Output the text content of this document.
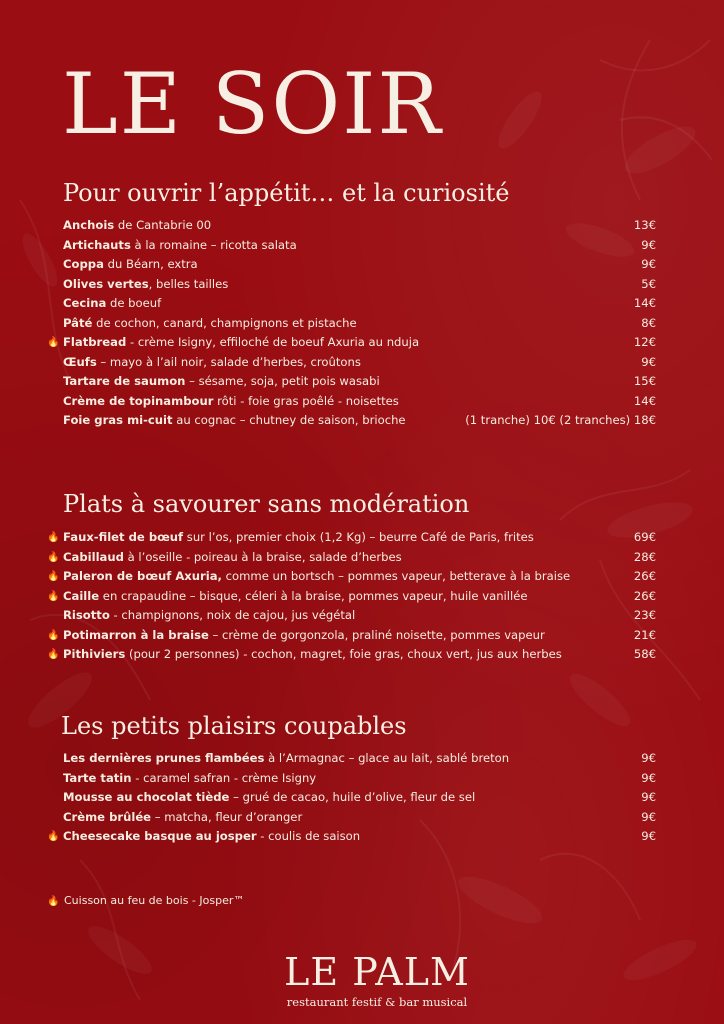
LE SOIR
Pour ouvrir l’appétit… et la curiosité
Anchois de Cantabrie 00	13€
Artichauts à la romaine – ricotta salata	9€
Coppa du Béarn, extra	9€
Olives vertes, belles tailles	5€
Cecina de boeuf	14€
Pâté de cochon, canard, champignons et pistache	8€
🔥 Flatbread - crème Isigny, effiloché de boeuf Axuria au nduja	12€
Œufs – mayo à l’ail noir, salade d’herbes, croûtons	9€
Tartare de saumon – sésame, soja, petit pois wasabi	15€
Crème de topinambour rôti - foie gras poêlé - noisettes	14€
Foie gras mi-cuit au cognac – chutney de saison, brioche	(1 tranche) 10€ (2 tranches) 18€
Plats à savourer sans modération
🔥 Faux-filet de bœuf sur l’os, premier choix (1,2 Kg) – beurre Café de Paris, frites	69€
🔥 Cabillaud à l’oseille - poireau à la braise, salade d’herbes	28€
🔥 Paleron de bœuf Axuria, comme un bortsch – pommes vapeur, betterave à la braise	26€
🔥 Caille en crapaudine – bisque, céleri à la braise, pommes vapeur, huile vanillée	26€
Risotto - champignons, noix de cajou, jus végétal	23€
🔥 Potimarron à la braise – crème de gorgonzola, praliné noisette, pommes vapeur	21€
🔥 Pithiviers (pour 2 personnes) - cochon, magret, foie gras, choux vert, jus aux herbes	58€
Les petits plaisirs coupables
Les dernières prunes flambées à l’Armagnac – glace au lait, sablé breton	9€
Tarte tatin - caramel safran - crème Isigny	9€
Mousse au chocolat tiède – grué de cacao, huile d’olive, fleur de sel	9€
Crème brûlée – matcha, fleur d’oranger	9€
🔥 Cheesecake basque au josper - coulis de saison	9€
🔥 Cuisson au feu de bois - Josper™
LE PALM
restaurant festif & bar musical
